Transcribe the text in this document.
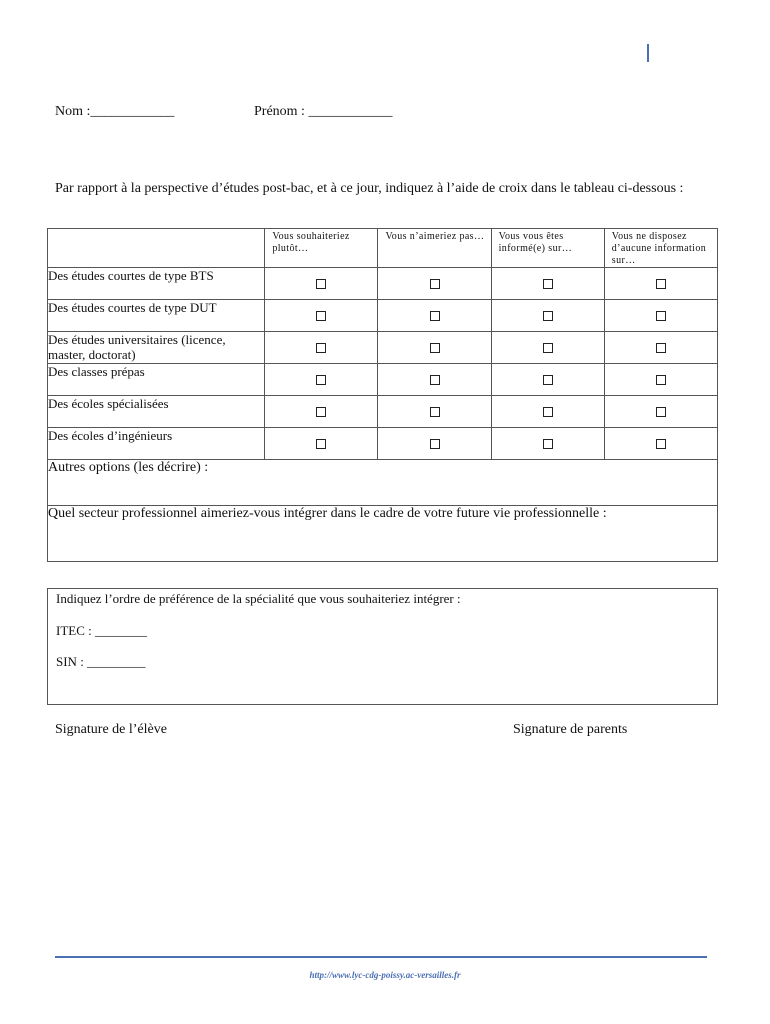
Nom :____________	Prénom : ____________
Par rapport à la perspective d’études post-bac, et à ce jour, indiquez à l’aide de croix dans le tableau ci-dessous :
	Vous souhaiteriez plutôt…	Vous n’aimeriez pas…	Vous vous êtes informé(e) sur…	Vous ne disposez d’aucune information sur…
Des études courtes de type BTS				
Des études courtes de type DUT				
Des études universitaires (licence, master, doctorat)				
Des classes prépas				
Des écoles spécialisées				
Des écoles d’ingénieurs				
Autres options (les décrire) :				
Quel secteur professionnel aimeriez-vous intégrer dans le cadre de votre future vie professionnelle :				
Indiquez l’ordre de préférence de la spécialité que vous souhaiteriez intégrer :
ITEC : ________
SIN : _________
Signature de l’élève	Signature de parents
http://www.lyc-cdg-poissy.ac-versailles.fr
